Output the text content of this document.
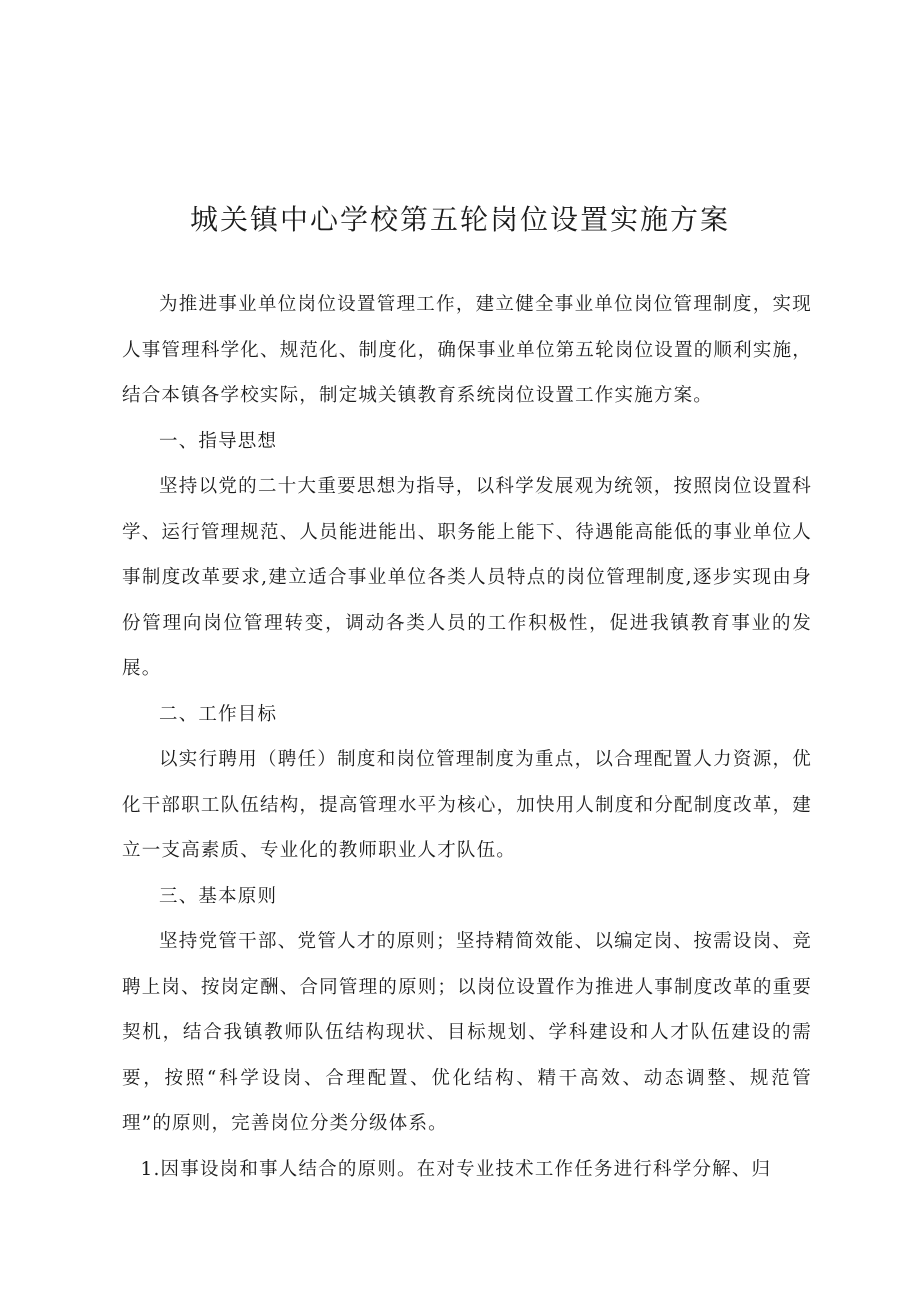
城关镇中心学校第五轮岗位设置实施方案

为推进事业单位岗位设置管理工作，建立健全事业单位岗位管理制度，实现人事管理科学化、规范化、制度化，确保事业单位第五轮岗位设置的顺利实施，结合本镇各学校实际，制定城关镇教育系统岗位设置工作实施方案。

一、指导思想

坚持以党的二十大重要思想为指导，以科学发展观为统领，按照岗位设置科学、运行管理规范、人员能进能出、职务能上能下、待遇能高能低的事业单位人事制度改革要求,建立适合事业单位各类人员特点的岗位管理制度,逐步实现由身份管理向岗位管理转变，调动各类人员的工作积极性，促进我镇教育事业的发展。

二、工作目标

以实行聘用（聘任）制度和岗位管理制度为重点，以合理配置人力资源，优化干部职工队伍结构，提高管理水平为核心，加快用人制度和分配制度改革，建立一支高素质、专业化的教师职业人才队伍。

三、基本原则

坚持党管干部、党管人才的原则；坚持精简效能、以编定岗、按需设岗、竞聘上岗、按岗定酬、合同管理的原则；以岗位设置作为推进人事制度改革的重要契机，结合我镇教师队伍结构现状、目标规划、学科建设和人才队伍建设的需要，按照“科学设岗、合理配置、优化结构、精干高效、动态调整、规范管理”的原则，完善岗位分类分级体系。

1.因事设岗和事人结合的原则。在对专业技术工作任务进行科学分解、归
